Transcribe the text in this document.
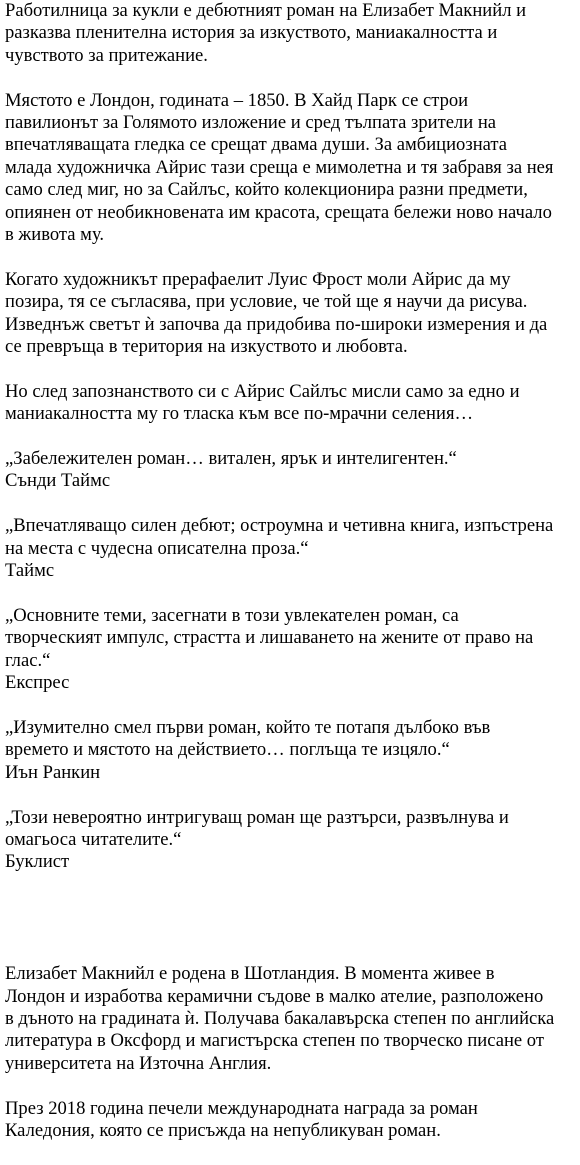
Работилница за кукли е дебютният роман на Елизабет Макнийл и
разказва пленителна история за изкуството, маниакалността и
чувството за притежание.

Мястото е Лондон, годината – 1850. В Хайд Парк се строи
павилионът за Голямото изложение и сред тълпата зрители на
впечатляващата гледка се срещат двама души. За амбициозната
млада художничка Айрис тази среща е мимолетна и тя забравя за нея
само след миг, но за Сайлъс, който колекционира разни предмети,
опиянен от необикновената им красота, срещата бележи ново начало
в живота му.

Когато художникът прерафаелит Луис Фрост моли Айрис да му
позира, тя се съгласява, при условие, че той ще я научи да рисува.
Изведнъж светът ѝ започва да придобива по-широки измерения и да
се превръща в територия на изкуството и любовта.

Но след запознанството си с Айрис Сайлъс мисли само за едно и
маниакалността му го тласка към все по-мрачни селения…

„Забележителен роман… витален, ярък и интелигентен.“

Сънди Таймс

„Впечатляващо силен дебют; остроумна и четивна книга, изпъстрена
на места с чудесна описателна проза.“

Таймс

„Основните теми, засегнати в този увлекателен роман, са
творческият импулс, страстта и лишаването на жените от право на
глас.“

Експрес

„Изумително смел първи роман, който те потапя дълбоко във
времето и мястото на действието… поглъща те изцяло.“

Иън Ранкин

„Този невероятно интригуващ роман ще разтърси, развълнува и
омагьоса читателите.“

Буклист

Елизабет Макнийл е родена в Шотландия. В момента живее в
Лондон и изработва керамични съдове в малко ателие, разположено
в дъното на градината ѝ. Получава бакалавърска степен по английска
литература в Оксфорд и магистърска степен по творческо писане от
университета на Източна Англия.

През 2018 година печели международната награда за роман
Каледония, която се присъжда на непубликуван роман.
